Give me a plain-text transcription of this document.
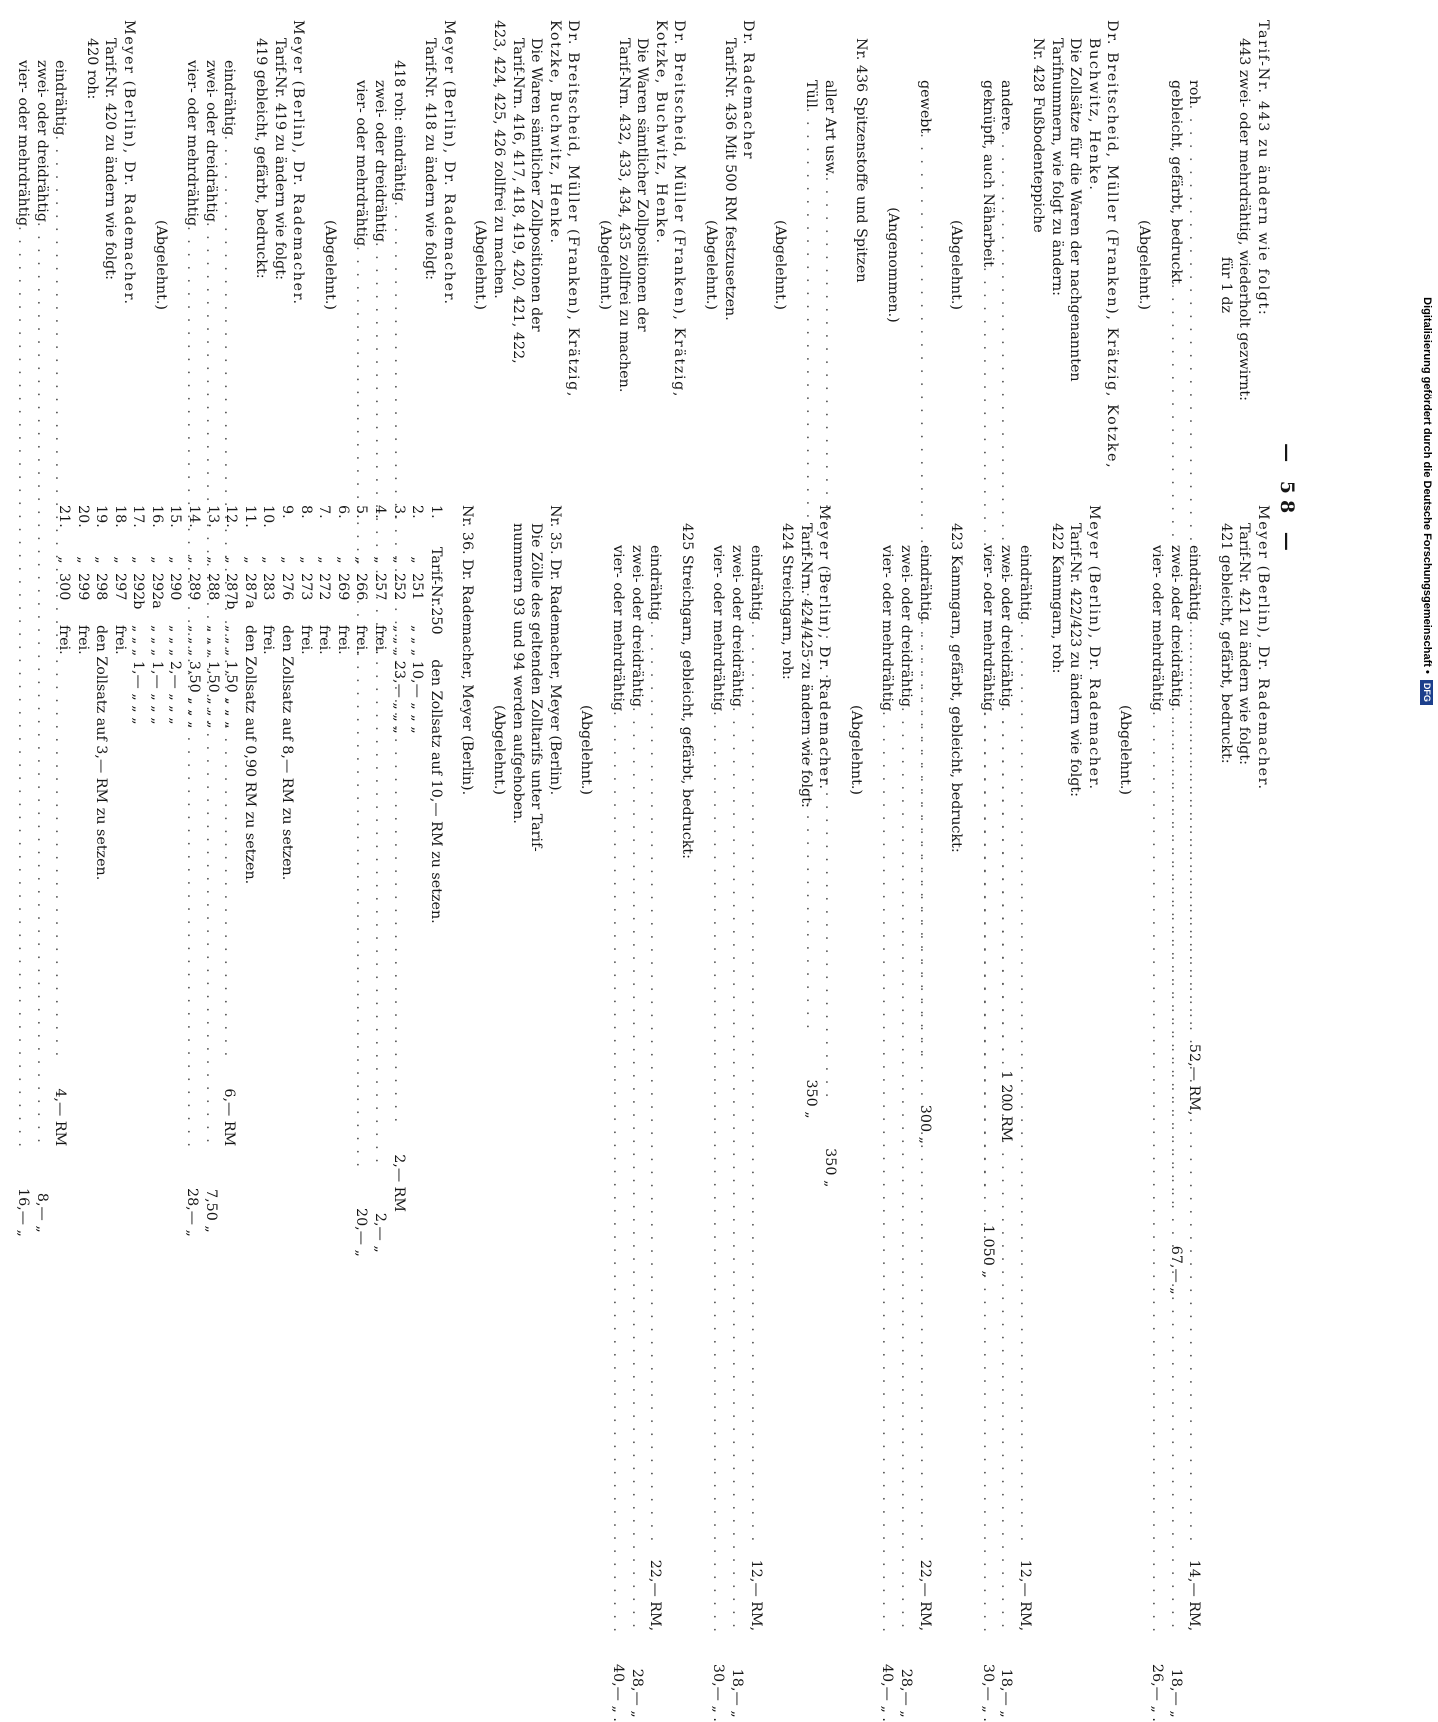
— 58 —
Tarif-Nr. 443 zu ändern wie folgt:
443 zwei- oder mehrdrähtig, wiederholt gezwirnt:
für 1 dz
roh
. . .
52,— RM,
gebleicht, gefärbt, bedruckt
. . .
67,— „
(Abgelehnt.)
Dr. Breitscheid, Müller (Franken), Krätzig, Kotzke,
Buchwitz, Henke.
Die Zollsätze für die Waren der nachgenannten
Tarifnummern, wie folgt zu ändern:
Nr. 428 Fußbodenteppiche
andere
. . .
1 200 RM
geknüpft, auch Näharbeit
. . .
1 050 „
(Abgelehnt.)
gewebt
. . .
300 „
(Angenommen.)
Nr. 436 Spitzenstoffe und Spitzen
aller Art usw.
. . .
350 „
Tüll
. . .
350 „
(Abgelehnt.)
Dr. Rademacher
Tarif-Nr. 436 Mit 500 RM festzusetzen.
(Abgelehnt.)
Dr. Breitscheid, Müller (Franken), Krätzig,
Kotzke, Buchwitz, Henke.
Die Waren sämtlicher Zollpositionen der
Tarif-Nrn. 432, 433, 434, 435 zollfrei zu machen.
(Abgelehnt.)
Dr. Breitscheid, Müller (Franken), Krätzig,
Kotzke, Buchwitz, Henke.
Die Waren sämtlicher Zollpositionen der
Tarif-Nrn. 416, 417, 418, 419, 420, 421, 422,
423, 424, 425, 426 zollfrei zu machen.
(Abgelehnt.)
Meyer (Berlin), Dr. Rademacher.
Tarif-Nr. 418 zu ändern wie folgt:
418 roh: eindrähtig
. . .
2,— RM
zwei- oder dreidrähtig
. . .
2,— „
vier- oder mehrdrähtig
. . .
20,— „
(Abgelehnt.)
Meyer (Berlin), Dr. Rademacher.
Tarif-Nr. 419 zu ändern wie folgt:
419 gebleicht, gefärbt, bedruckt:
eindrähtig
. . .
6,— RM
zwei- oder dreidrähtig
. . .
7,50 „
vier- oder mehrdrähtig
. . .
28,— „
(Abgelehnt.)
Meyer (Berlin), Dr. Rademacher.
Tarif-Nr. 420 zu ändern wie folgt:
420 roh:
eindrähtig
. . .
4,— RM
zwei- oder dreidrähtig
. . .
8,— „
vier- oder mehrdrähtig
. . .
16,— „
Meyer (Berlin), Dr. Rademacher.
Tarif-Nr. 421 zu ändern wie folgt:
421 gebleicht, gefärbt, bedruckt:
eindrähtig
. . .
14,— RM,
zwei- oder dreidrähtig
. . .
18,— „
vier- oder mehrdrähtig
. . .
26,— „ .
(Abgelehnt.)
Meyer (Berlin), Dr. Rademacher.
Tarif-Nr. 422/423 zu ändern wie folgt:
422 Kammgarn, roh:
eindrähtig
. . .
12,— RM,
zwei- oder dreidrähtig
. . .
18,— „
vier- oder mehrdrähtig
. . .
30,— „ .
423 Kammgarn, gefärbt, gebleicht, bedruckt:
eindrähtig
. . .
22,— RM,
zwei- oder dreidrähtig
. . .
28,— „
vier- oder mehrdrähtig
. . .
40,— „ .
(Abgelehnt.)
Meyer (Berlin), Dr. Rademacher.
Tarif-Nrn. 424/425 zu ändern wie folgt:
424 Streichgarn, roh:
eindrähtig
. . .
12,— RM,
zwei- oder dreidrähtig
. . .
18,— „
vier- oder mehrdrähtig
. . .
30,— „ .
425 Streichgarn, gebleicht, gefärbt, bedruckt:
eindrähtig
. . .
22,— RM,
zwei- oder dreidrähtig
. . .
28,— „
vier- oder mehrdrähtig
. . .
40,— „ .
(Abgelehnt.)
Nr. 35. Dr. Rademacher, Meyer (Berlin).
Die Zölle des geltenden Zolltarifs unter Tarif-
nummern 93 und 94 werden aufgehoben.
(Abgelehnt.)
Nr. 36. Dr. Rademacher, Meyer (Berlin).
1.
Tarif-Nr.
250
den Zollsatz auf 10,— RM zu setzen.
2.
„
251
„ „ „ 10,— „ „ „
3.
„
252
„ „ „ 23,— „ „ „
4.
„
257
frei.
5.
„
266
frei.
6.
„
269
frei.
7.
„
272
frei.
8.
„
273
frei.
9.
„
276
den Zollsatz auf 8,— RM zu setzen.
10.
„
283
frei.
11.
„
287a
den Zollsatz auf 0,90 RM zu setzen.
12.
„
287b
„ „ „ 1,50 „ „ „
13.
„
288
„ „ „ 1,50 „ „ „
14.
„
289
„ „ „ 3,50 „ „ „
15.
„
290
„ „ „ 2,— „ „ „
16.
„
292a
„ „ „ 1,— „ „ „
17.
„
292b
„ „ „ 1,— „ „ „
18.
„
297
frei.
19.
„
298
den Zollsatz auf 3,— RM zu setzen.
20.
„
299
frei.
21.
„
300
frei.	Digitalisierung gefördert durch die Deutsche Forschungsgemeinschaft •
DFG
